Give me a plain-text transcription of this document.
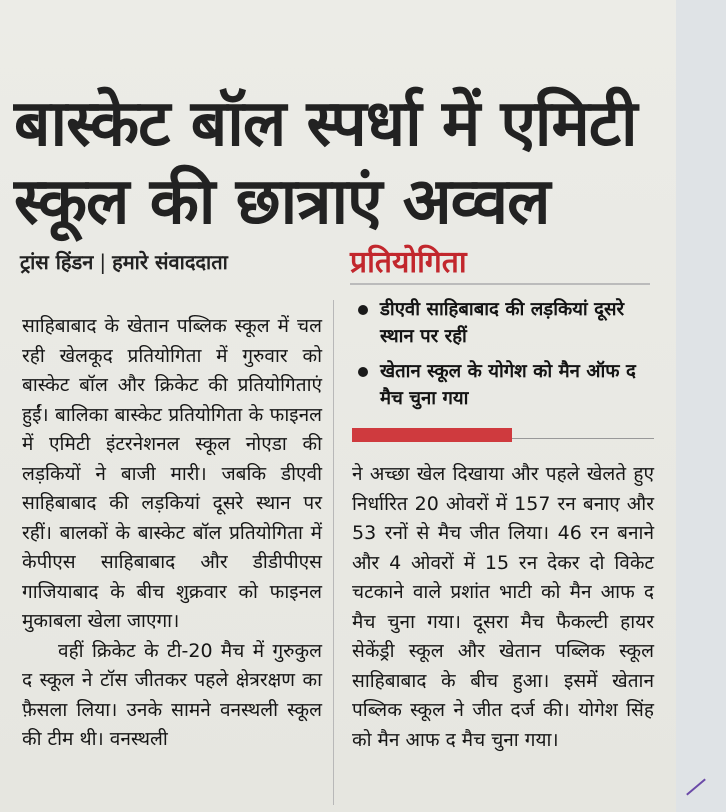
बास्केट बॉल स्पर्धा में एमिटी
स्कूल की छात्राएं अव्वल
ट्रांस हिंडन | हमारे संवाददाता	प्रतियोगिता
डीएवी साहिबाबाद की लड़कियां दूसरे स्थान पर रहीं
खेतान स्कूल के योगेश को मैन ऑफ द मैच चुना गया

साहिबाबाद के खेतान पब्लिक स्कूल में चल रही खेलकूद प्रतियोगिता में गुरुवार को बास्केट बॉल और क्रिकेट की प्रतियोगिताएं हुईं। बालिका बास्केट प्रतियोगिता के फाइनल में एमिटी इंटरनेशनल स्कूल नोएडा की लड़कियों ने बाजी मारी। जबकि डीएवी साहिबाबाद की लड़कियां दूसरे स्थान पर रहीं। बालकों के बास्केट बॉल प्रतियोगिता में केपीएस साहिबाबाद और डीडीपीएस गाजियाबाद के बीच शुक्रवार को फाइनल मुकाबला खेला जाएगा।

वहीं क्रिकेट के टी-20 मैच में गुरुकुल द स्कूल ने टॉस जीतकर पहले क्षेत्ररक्षण का फ़ैसला लिया। उनके सामने वनस्थली स्कूल की टीम थी। वनस्थली

ने अच्छा खेल दिखाया और पहले खेलते हुए निर्धारित 20 ओवरों में 157 रन बनाए और 53 रनों से मैच जीत लिया। 46 रन बनाने और 4 ओवरों में 15 रन देकर दो विकेट चटकाने वाले प्रशांत भाटी को मैन आफ द मैच चुना गया। दूसरा मैच फैकल्टी हायर सेकेंड्री स्कूल और खेतान पब्लिक स्कूल साहिबाबाद के बीच हुआ। इसमें खेतान पब्लिक स्कूल ने जीत दर्ज की। योगेश सिंह को मैन आफ द मैच चुना गया।
